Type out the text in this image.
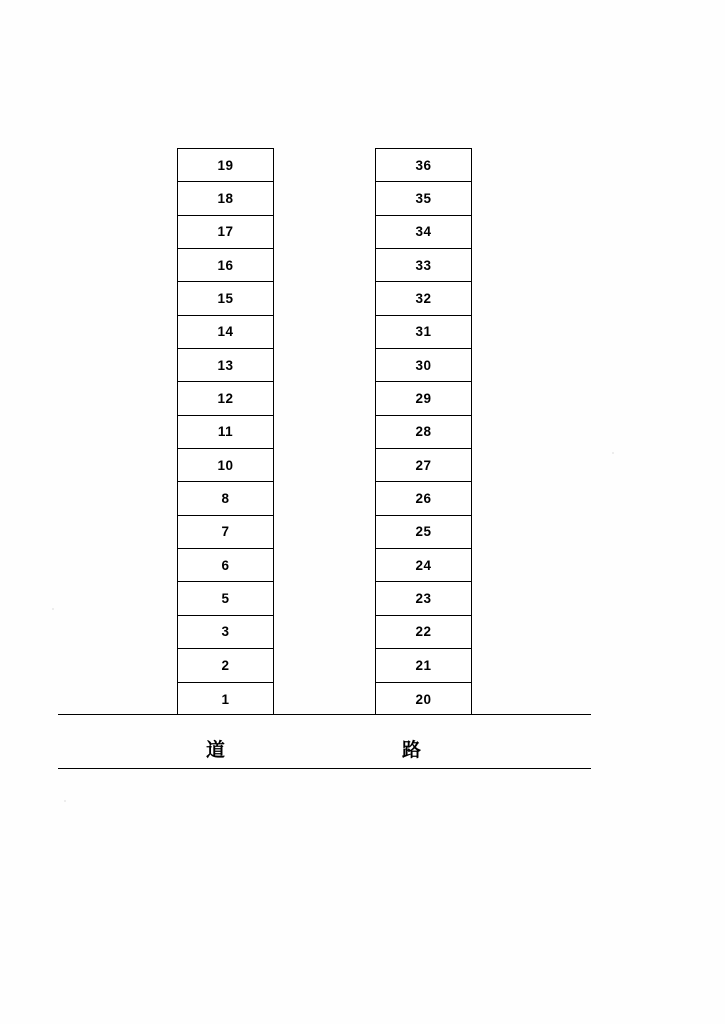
19
18
17
16
15
14
13
12
11
10
8
7
6
5
3
2
1
36
35
34
33
32
31
30
29
28
27
26
25
24
23
22
21
20
道	路
